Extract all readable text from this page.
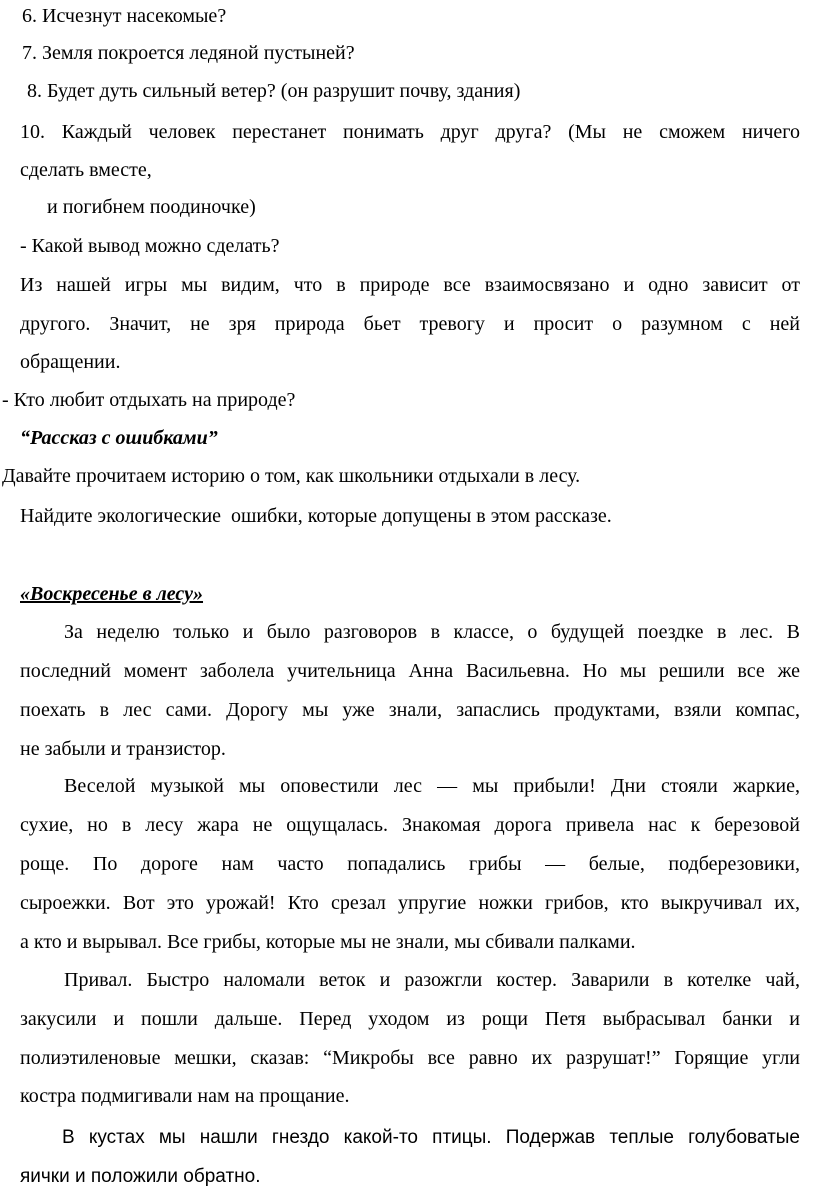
6. Исчезнут насекомые?
7. Земля покроется ледяной пустыней?
8. Будет дуть сильный ветер? (он разрушит почву, здания)
10. Каждый человек перестанет понимать друг друга? (Мы не сможем ничего
сделать вместе,
и погибнем поодиночке)
- Какой вывод можно сделать?
Из нашей игры мы видим, что в природе все взаимосвязано и одно зависит от
другого. Значит, не зря природа бьет тревогу и просит о разумном с ней
обращении.
- Кто любит отдыхать на природе?
“Рассказ с ошибками”
Давайте прочитаем историю о том, как школьники отдыхали в лесу.
Найдите экологические  ошибки, которые допущены в этом рассказе.
«Воскресенье в лесу»
За неделю только и было разговоров в классе, о будущей поездке в лес. В
последний момент заболела учительница Анна Васильевна. Но мы решили все же
поехать в лес сами. Дорогу мы уже знали, запаслись продуктами, взяли компас,
не забыли и транзистор.
Веселой музыкой мы оповестили лес — мы прибыли! Дни стояли жаркие,
сухие, но в лесу жара не ощущалась. Знакомая дорога привела нас к березовой
роще. По дороге нам часто попадались грибы — белые, подберезовики,
сыроежки. Вот это урожай! Кто срезал упругие ножки грибов, кто выкручивал их,
а кто и вырывал. Все грибы, которые мы не знали, мы сбивали палками.
Привал. Быстро наломали веток и разожгли костер. Заварили в котелке чай,
закусили и пошли дальше. Перед уходом из рощи Петя выбрасывал банки и
полиэтиленовые мешки, сказав: “Микробы все равно их разрушат!” Горящие угли
костра подмигивали нам на прощание.
В кустах мы нашли гнездо какой-то птицы. Подержав теплые голубоватые
яички и положили обратно.
